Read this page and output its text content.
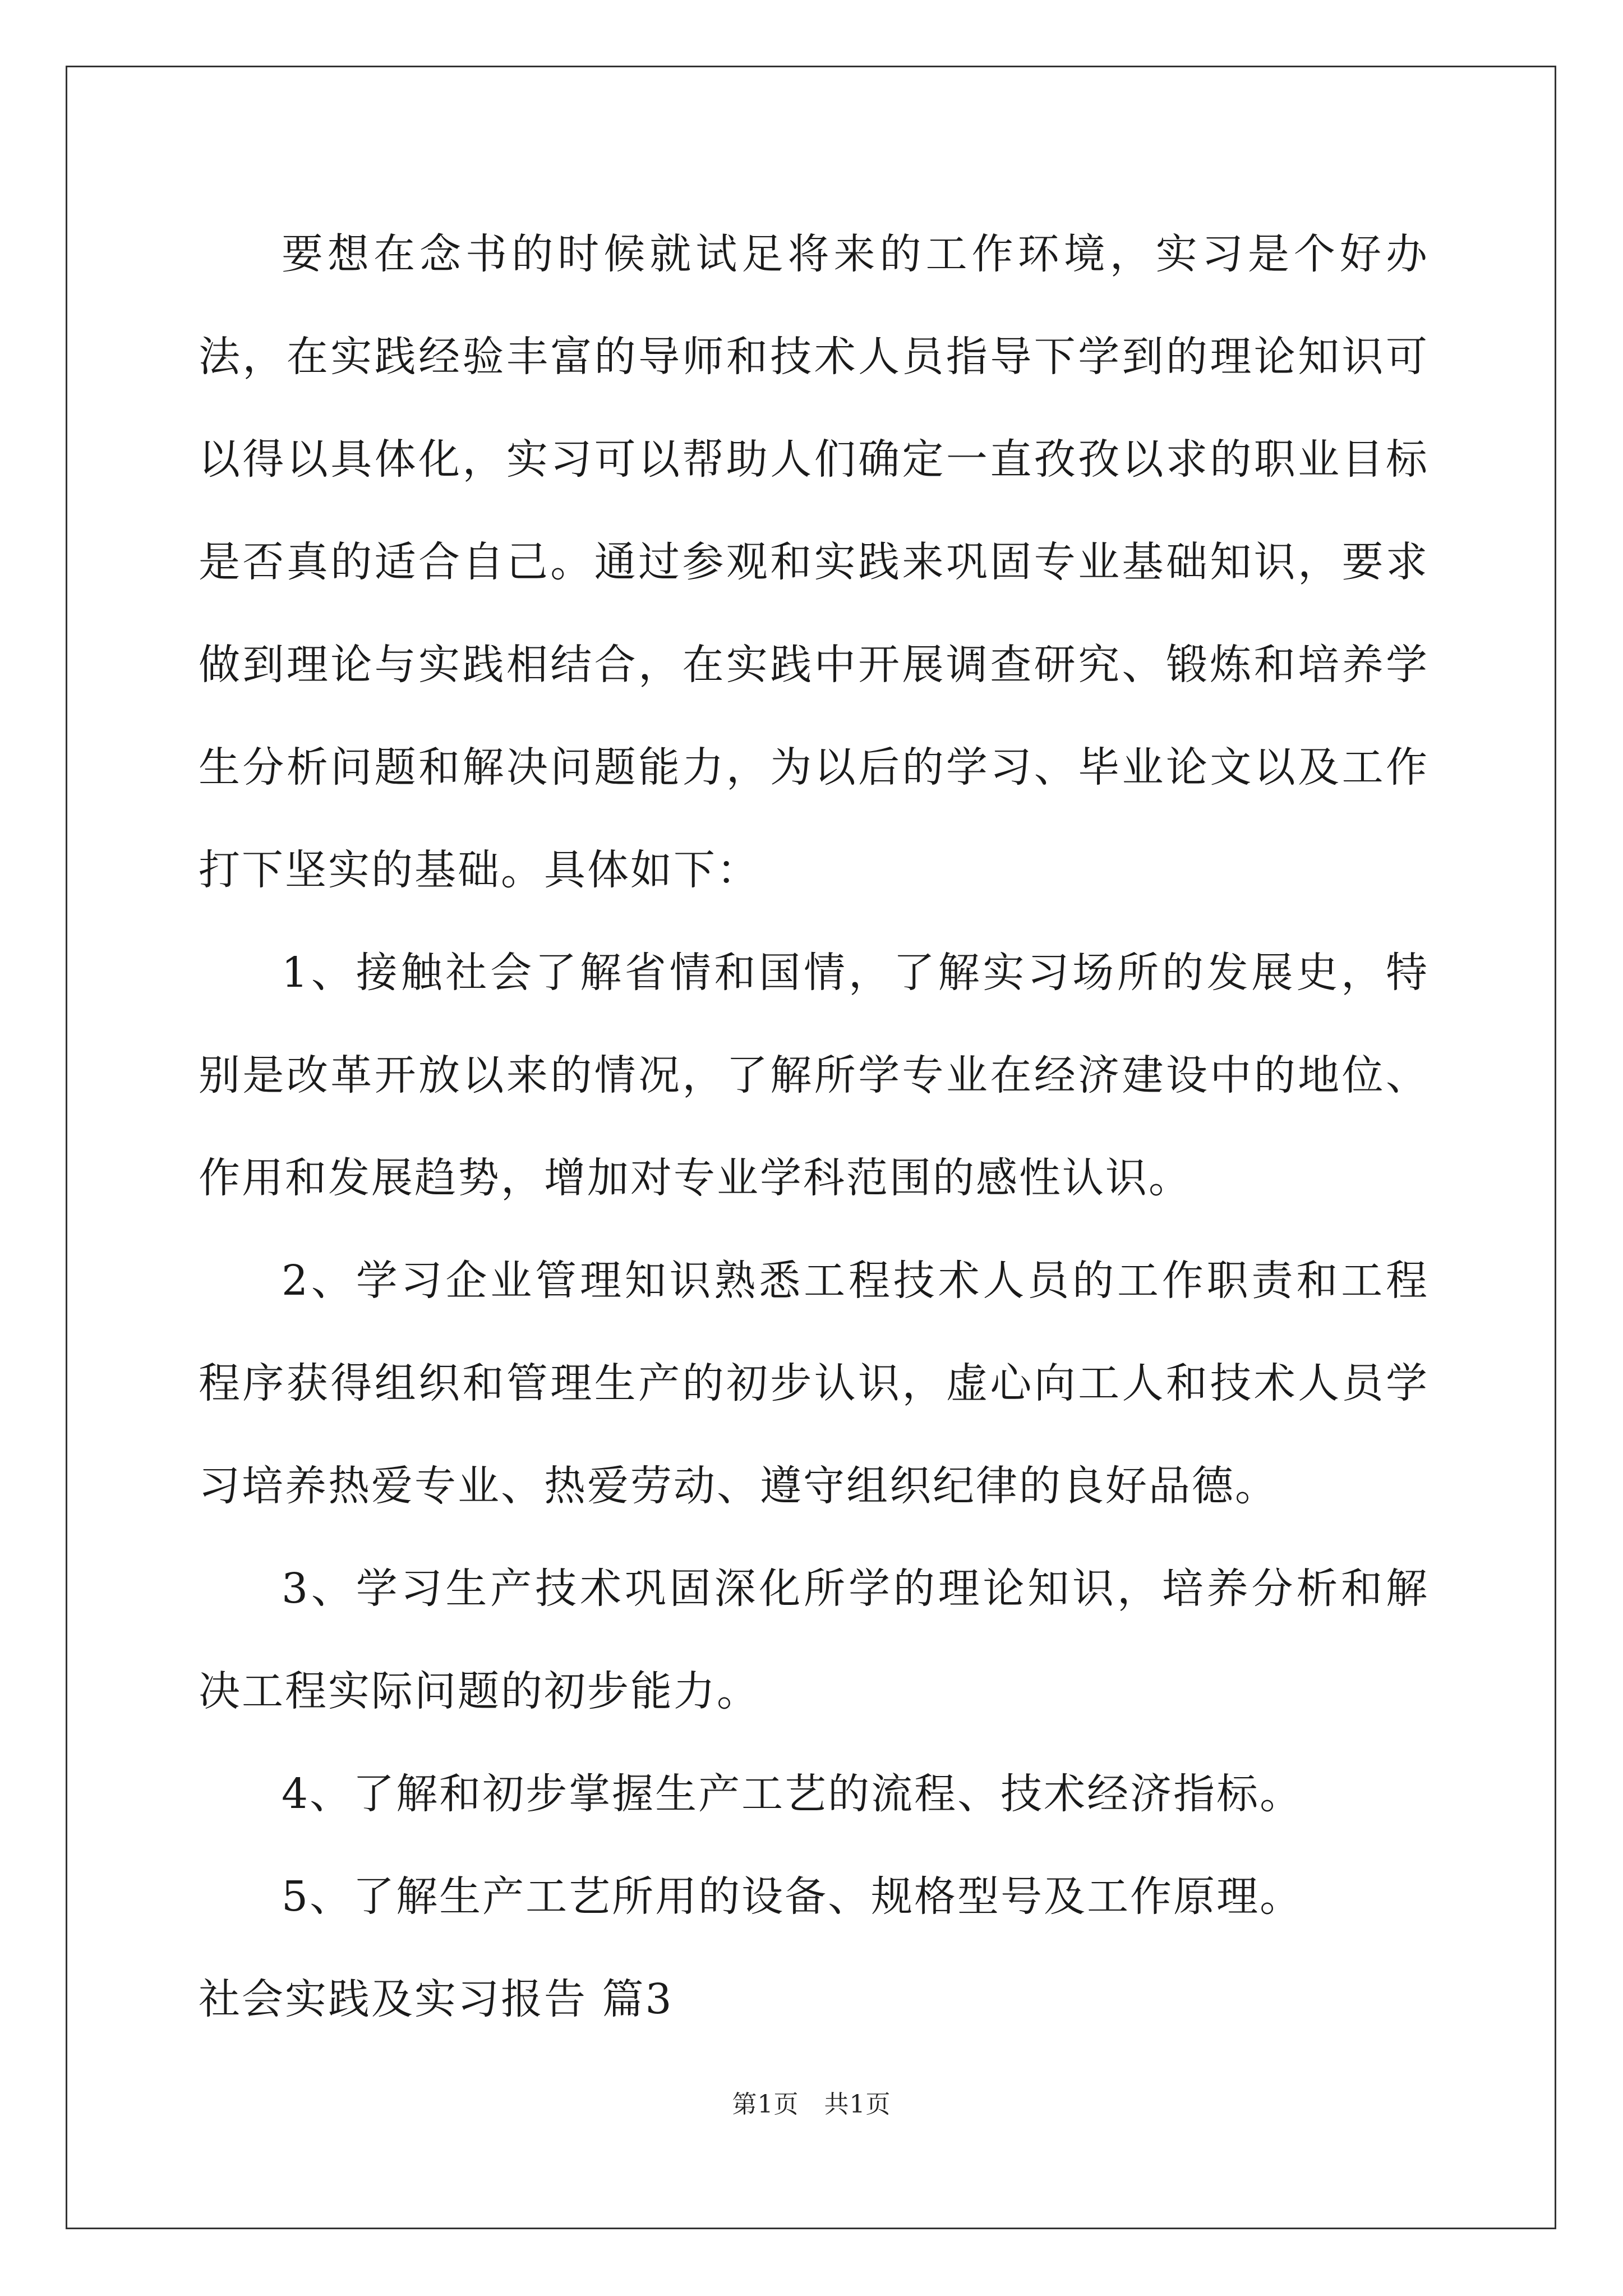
要想在念书的时候就试足将来的工作环境，实习是个好办法，在实践经验丰富的导师和技术人员指导下学到的理论知识可以得以具体化，实习可以帮助人们确定一直孜孜以求的职业目标是否真的适合自己。通过参观和实践来巩固专业基础知识，要求做到理论与实践相结合，在实践中开展调查研究、锻炼和培养学生分析问题和解决问题能力，为以后的学习、毕业论文以及工作打下坚实的基础。具体如下：

1、接触社会了解省情和国情，了解实习场所的发展史，特别是改革开放以来的情况，了解所学专业在经济建设中的地位、作用和发展趋势，增加对专业学科范围的感性认识。

2、学习企业管理知识熟悉工程技术人员的工作职责和工程程序获得组织和管理生产的初步认识，虚心向工人和技术人员学习培养热爱专业、热爱劳动、遵守组织纪律的良好品德。

3、学习生产技术巩固深化所学的理论知识，培养分析和解决工程实际问题的初步能力。

4、了解和初步掌握生产工艺的流程、技术经济指标。

5、了解生产工艺所用的设备、规格型号及工作原理。

社会实践及实习报告 篇3

第1页 共1页
